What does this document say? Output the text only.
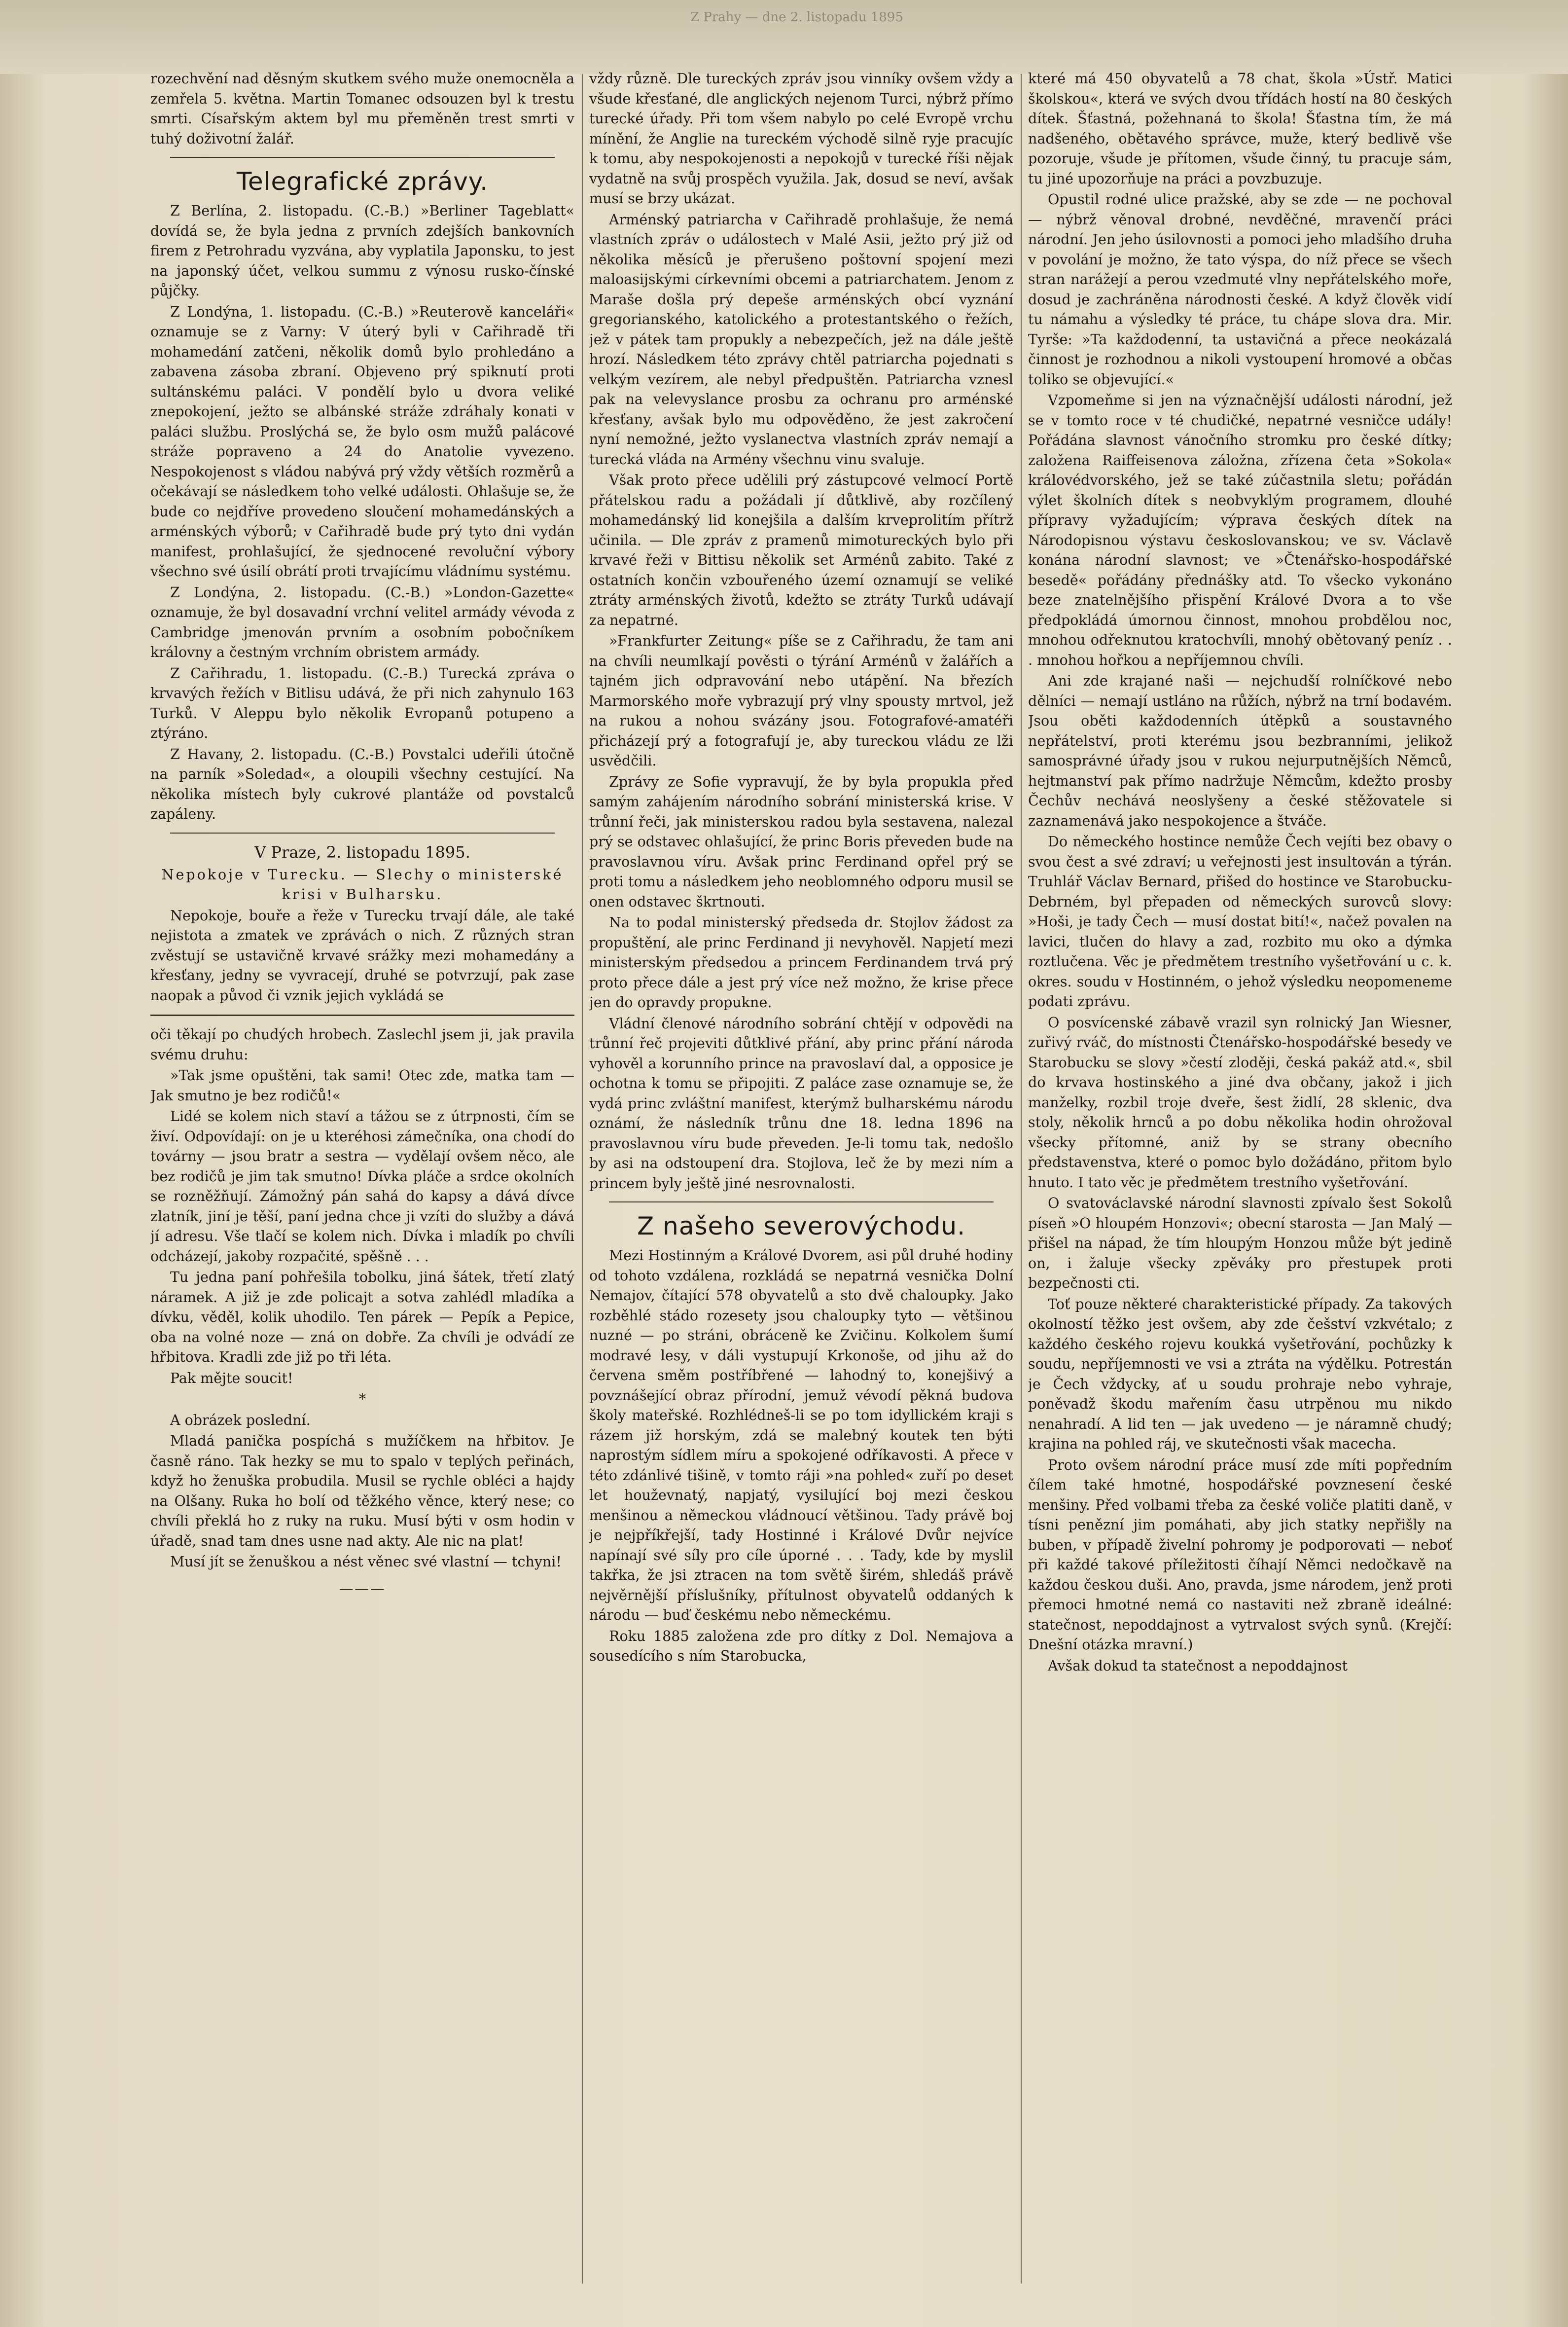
rozechvění nad děsným skutkem svého muže onemocněla a zemřela 5. května. Martin Tomanec odsouzen byl k trestu smrti. Císařským aktem byl mu přeměněn trest smrti v tuhý doživotní žalář.

Telegrafické zprávy.

Z Berlína, 2. listopadu. (C.-B.) »Berliner Tageblatt« dovídá se, že byla jedna z prvních zdejších bankovních firem z Petrohradu vyzvána, aby vyplatila Japonsku, to jest na japonský účet, velkou summu z výnosu rusko-čínské půjčky.

Z Londýna, 1. listopadu. (C.-B.) »Reuterově kanceláři« oznamuje se z Varny: V úterý byli v Cařihradě tři mohamedání zatčeni, několik domů bylo prohledáno a zabavena zásoba zbraní. Objeveno prý spiknutí proti sultánskému paláci. V pondělí bylo u dvora veliké znepokojení, ježto se albánské stráže zdráhaly konati v paláci službu. Proslýchá se, že bylo osm mužů palácové stráže popraveno a 24 do Anatolie vyvezeno. Nespokojenost s vládou nabývá prý vždy větších rozměrů a očekávají se následkem toho velké události. Ohlašuje se, že bude co nejdříve provedeno sloučení mohamedánských a arménských výborů; v Cařihradě bude prý tyto dni vydán manifest, prohlašující, že sjednocené revoluční výbory všechno své úsilí obrátí proti trvajícímu vládnímu systému.

Z Londýna, 2. listopadu. (C.-B.) »London-Gazette« oznamuje, že byl dosavadní vrchní velitel armády vévoda z Cambridge jmenován prvním a osobním pobočníkem královny a čestným vrchním obristem armády.

Z Cařihradu, 1. listopadu. (C.-B.) Turecká zpráva o krvavých řežích v Bitlisu udává, že při nich zahynulo 163 Turků. V Aleppu bylo několik Evropanů potupeno a ztýráno.

Z Havany, 2. listopadu. (C.-B.) Povstalci udeřili útočně na parník »Soledad«, a oloupili všechny cestující. Na několika místech byly cukrové plantáže od povstalců zapáleny.

V Praze, 2. listopadu 1895.

Nepokoje v Turecku. — Slechy o ministerské krisi v Bulharsku.

Nepokoje, bouře a řeže v Turecku trvají dále, ale také nejistota a zmatek ve zprávách o nich. Z různých stran zvěstují se ustavičně krvavé srážky mezi mohamedány a křesťany, jedny se vyvracejí, druhé se potvrzují, pak zase naopak a původ či vznik jejich vykládá se

oči těkají po chudých hrobech. Zaslechl jsem ji, jak pravila svému druhu:

»Tak jsme opuštěni, tak sami! Otec zde, matka tam — Jak smutno je bez rodičů!«

Lidé se kolem nich staví a tážou se z útrpnosti, čím se živí. Odpovídají: on je u kteréhosi zámečníka, ona chodí do továrny — jsou bratr a sestra — vydělají ovšem něco, ale bez rodičů je jim tak smutno! Dívka pláče a srdce okolních se rozněžňují. Zámožný pán sahá do kapsy a dává dívce zlatník, jiní je těší, paní jedna chce ji vzíti do služby a dává jí adresu. Vše tlačí se kolem nich. Dívka i mladík po chvíli odcházejí, jakoby rozpačité, spěšně . . .

Tu jedna paní pohřešila tobolku, jiná šátek, třetí zlatý náramek. A již je zde policajt a sotva zahlédl mladíka a dívku, věděl, kolik uhodilo. Ten párek — Pepík a Pepice, oba na volné noze — zná on dobře. Za chvíli je odvádí ze hřbitova. Kradli zde již po tři léta.

Pak mějte soucit!

*

A obrázek poslední.

Mladá panička pospíchá s mužíčkem na hřbitov. Je časně ráno. Tak hezky se mu to spalo v teplých peřinách, když ho ženuška probudila. Musil se rychle obléci a hajdy na Olšany. Ruka ho bolí od těžkého věnce, který nese; co chvíli překlá ho z ruky na ruku. Musí býti v osm hodin v úřadě, snad tam dnes usne nad akty. Ale nic na plat!

Musí jít se ženuškou a nést věnec své vlastní — tchyni!

———

vždy různě. Dle tureckých zpráv jsou vinníky ovšem vždy a všude křesťané, dle anglických nejenom Turci, nýbrž přímo turecké úřady. Při tom všem nabylo po celé Evropě vrchu mínění, že Anglie na tureckém východě silně ryje pracujíc k tomu, aby nespokojenosti a nepokojů v turecké říši nějak vydatně na svůj prospěch využila. Jak, dosud se neví, avšak musí se brzy ukázat.

Arménský patriarcha v Cařihradě prohlašuje, že nemá vlastních zpráv o událostech v Malé Asii, ježto prý již od několika měsíců je přerušeno poštovní spojení mezi maloasijskými církevními obcemi a patriarchatem. Jenom z Maraše došla prý depeše arménských obcí vyznání gregorianského, katolického a protestantského o řežích, jež v pátek tam propukly a nebezpečích, jež na dále ještě hrozí. Následkem této zprávy chtěl patriarcha pojednati s velkým vezírem, ale nebyl předpuštěn. Patriarcha vznesl pak na velevyslance prosbu za ochranu pro arménské křesťany, avšak bylo mu odpověděno, že jest zakročení nyní nemožné, ježto vyslanectva vlastních zpráv nemají a turecká vláda na Armény všechnu vinu svaluje.

Však proto přece udělili prý zástupcové velmocí Portě přátelskou radu a požádali jí důtklivě, aby rozčílený mohamedánský lid konejšila a dalším krveprolitím přítrž učinila. — Dle zpráv z pramenů mimotureckých bylo při krvavé řeži v Bittisu několik set Arménů zabito. Také z ostatních končin vzbouřeného území oznamují se veliké ztráty arménských životů, kdežto se ztráty Turků udávají za nepatrné.

»Frankfurter Zeitung« píše se z Cařihradu, že tam ani na chvíli neumlkají pověsti o týrání Arménů v žalářích a tajném jich odpravování nebo utápění. Na březích Marmorského moře vybrazují prý vlny spousty mrtvol, jež na rukou a nohou svázány jsou. Fotografové-amatéři přicházejí prý a fotografují je, aby tureckou vládu ze lži usvědčili.

Zprávy ze Sofie vypravují, že by byla propukla před samým zahájením národního sobrání ministerská krise. V trůnní řeči, jak ministerskou radou byla sestavena, nalezal prý se odstavec ohlašující, že princ Boris převeden bude na pravoslavnou víru. Avšak princ Ferdinand opřel prý se proti tomu a následkem jeho neoblomného odporu musil se onen odstavec škrtnouti.

Na to podal ministerský předseda dr. Stojlov žádost za propuštění, ale princ Ferdinand ji nevyhověl. Napjetí mezi ministerským předsedou a princem Ferdinandem trvá prý proto přece dále a jest prý více než možno, že krise přece jen do opravdy propukne.

Vládní členové národního sobrání chtějí v odpovědi na trůnní řeč projeviti důtklivé přání, aby princ přání národa vyhověl a korunního prince na pravoslaví dal, a opposice je ochotna k tomu se připojiti. Z paláce zase oznamuje se, že vydá princ zvláštní manifest, kterýmž bulharskému národu oznámí, že následník trůnu dne 18. ledna 1896 na pravoslavnou víru bude převeden. Je-li tomu tak, nedošlo by asi na odstoupení dra. Stojlova, leč že by mezi ním a princem byly ještě jiné nesrovnalosti.

Z našeho severovýchodu.

Mezi Hostinným a Králové Dvorem, asi půl druhé hodiny od tohoto vzdálena, rozkládá se nepatrná vesnička Dolní Nemajov, čítající 578 obyvatelů a sto dvě chaloupky. Jako rozběhlé stádo rozesety jsou chaloupky tyto — většinou nuzné — po stráni, obráceně ke Zvičinu. Kolkolem šumí modravé lesy, v dáli vystupují Krkonoše, od jihu až do červena směm postříbřené — lahodný to, konejšivý a povznášející obraz přírodní, jemuž vévodí pěkná budova školy mateřské. Rozhlédneš-li se po tom idyllickém kraji s rázem již horským, zdá se malebný koutek ten býti naprostým sídlem míru a spokojené odříkavosti. A přece v této zdánlivé tišině, v tomto ráji »na pohled« zuří po deset let houževnatý, napjatý, vysilující boj mezi českou menšinou a německou vládnoucí většinou. Tady právě boj je nejpříkřejší, tady Hostinné i Králové Dvůr nejvíce napínají své síly pro cíle úporné . . . Tady, kde by myslil takřka, že jsi ztracen na tom světě širém, shledáš právě nejvěrnější příslušníky, přítulnost obyvatelů oddaných k národu — buď českému nebo německému.

Roku 1885 založena zde pro dítky z Dol. Nemajova a sousedícího s ním Starobucka,

které má 450 obyvatelů a 78 chat, škola »Ústř. Matici školskou«, která ve svých dvou třídách hostí na 80 českých dítek. Šťastná, požehnaná to škola! Šťastna tím, že má nadšeného, obětavého správce, muže, který bedlivě vše pozoruje, všude je přítomen, všude činný, tu pracuje sám, tu jiné upozorňuje na práci a povzbuzuje.

Opustil rodné ulice pražské, aby se zde — ne pochoval — nýbrž věnoval drobné, nevděčné, mravenčí práci národní. Jen jeho úsilovnosti a pomoci jeho mladšího druha v povolání je možno, že tato výspa, do níž přece se všech stran narážejí a perou vzedmuté vlny nepřátelského moře, dosud je zachráněna národnosti české. A když člověk vidí tu námahu a výsledky té práce, tu chápe slova dra. Mir. Tyrše: »Ta každodenní, ta ustavičná a přece neokázalá činnost je rozhodnou a nikoli vystoupení hromové a občas toliko se objevující.«

Vzpomeňme si jen na význačnější události národní, jež se v tomto roce v té chudičké, nepatrné vesničce udály! Pořádána slavnost vánočního stromku pro české dítky; založena Raiffeisenova záložna, zřízena četa »Sokola« královédvorského, jež se také zúčastnila sletu; pořádán výlet školních dítek s neobvyklým programem, dlouhé přípravy vyžadujícím; výprava českých dítek na Národopisnou výstavu českoslovanskou; ve sv. Václavě konána národní slavnost; ve »Čtenářsko-hospodářské besedě« pořádány přednášky atd. To všecko vykonáno beze znatelnějšího přispění Králové Dvora a to vše předpokládá úmornou činnost, mnohou probdělou noc, mnohou odřeknutou kratochvíli, mnohý obětovaný peníz . . . mnohou hořkou a nepříjemnou chvíli.

Ani zde krajané naši — nejchudší rolníčkové nebo dělníci — nemají ustláno na růžích, nýbrž na trní bodavém. Jsou oběti každodenních útěpků a soustavného nepřátelství, proti kterému jsou bezbranními, jelikož samosprávné úřady jsou v rukou nejurputnějších Němců, hejtmanství pak přímo nadržuje Němcům, kdežto prosby Čechův nechává neoslyšeny a české stěžovatele si zaznamenává jako nespokojence a štváče.

Do německého hostince nemůže Čech vejíti bez obavy o svou čest a své zdraví; u veřejnosti jest insultován a týrán. Truhlář Václav Bernard, přišed do hostince ve Starobucku-Debrném, byl přepaden od německých surovců slovy: »Hoši, je tady Čech — musí dostat bití!«, načež povalen na lavici, tlučen do hlavy a zad, rozbito mu oko a dýmka roztlučena. Věc je předmětem trestního vyšetřování u c. k. okres. soudu v Hostinném, o jehož výsledku neopomeneme podati zprávu.

O posvícenské zábavě vrazil syn rolnický Jan Wiesner, zuřivý rváč, do místnosti Čtenářsko-hospodářské besedy ve Starobucku se slovy »čestí zloději, česká pakáž atd.«, sbil do krvava hostinského a jiné dva občany, jakož i jich manželky, rozbil troje dveře, šest židlí, 28 sklenic, dva stoly, několik hrnců a po dobu několika hodin ohrožoval všecky přítomné, aniž by se strany obecního představenstva, které o pomoc bylo dožádáno, přitom bylo hnuto. I tato věc je předmětem trestního vyšetřování.

O svatováclavské národní slavnosti zpívalo šest Sokolů píseň »O hloupém Honzovi«; obecní starosta — Jan Malý — přišel na nápad, že tím hloupým Honzou může být jedině on, i žaluje všecky zpěváky pro přestupek proti bezpečnosti cti.

Toť pouze některé charakteristické případy. Za takových okolností těžko jest ovšem, aby zde češství vzkvétalo; z každého českého rojevu koukká vyšetřování, pochůzky k soudu, nepříjemnosti ve vsi a ztráta na výdělku. Potrestán je Čech vždycky, ať u soudu prohraje nebo vyhraje, poněvadž škodu mařením času utrpěnou mu nikdo nenahradí. A lid ten — jak uvedeno — je náramně chudý; krajina na pohled ráj, ve skutečnosti však macecha.

Proto ovšem národní práce musí zde míti popředním čílem také hmotné, hospodářské povznesení české menšiny. Před volbami třeba za české voliče platiti daně, v tísni penězní jim pomáhati, aby jich statky nepřišly na buben, v případě živelní pohromy je podporovati — neboť při každé takové příležitosti číhají Němci nedočkavě na každou českou duši. Ano, pravda, jsme národem, jenž proti přemoci hmotné nemá co nastaviti než zbraně ideálné: statečnost, nepoddajnost a vytrvalost svých synů. (Krejčí: Dnešní otázka mravní.)

Avšak dokud ta statečnost a nepoddajnost

Z Prahy — dne 2. listopadu 1895
